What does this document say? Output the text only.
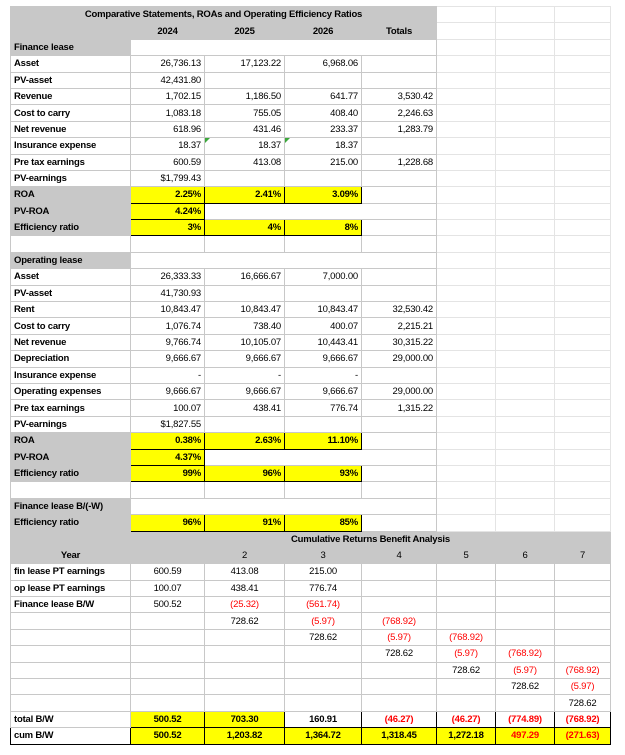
Comparative Statements, ROAs and Operating Efficiency Ratios							
	2024	2025	2026	Totals			
Finance lease							
Asset	26,736.13	17,123.22	6,968.06				
PV-asset	42,431.80						
Revenue	1,702.15	1,186.50	641.77	3,530.42			
Cost to carry	1,083.18	755.05	408.40	2,246.63			
Net revenue	618.96	431.46	233.37	1,283.79			
Insurance expense	18.37	18.37	18.37				
Pre tax earnings	600.59	413.08	215.00	1,228.68			
PV-earnings	$1,799.43						
ROA	2.25%	2.41%	3.09%				
PV-ROA	4.24%						
Efficiency ratio	3%	4%	8%				

Operating lease							
Asset	26,333.33	16,666.67	7,000.00				
PV-asset	41,730.93						
Rent	10,843.47	10,843.47	10,843.47	32,530.42			
Cost to carry	1,076.74	738.40	400.07	2,215.21			
Net revenue	9,766.74	10,105.07	10,443.41	30,315.22			
Depreciation	9,666.67	9,666.67	9,666.67	29,000.00			
Insurance expense	-	-	-				
Operating expenses	9,666.67	9,666.67	9,666.67	29,000.00			
Pre tax earnings	100.07	438.41	776.74	1,315.22			
PV-earnings	$1,827.55						
ROA	0.38%	2.63%	11.10%				
PV-ROA	4.37%						
Efficiency ratio	99%	96%	93%				

Finance lease B/(-W)							
Efficiency ratio	96%	91%	85%				
	Cumulative Returns Benefit Analysis						
Year		2	3	4	5	6	7
fin lease PT earnings	600.59	413.08	215.00				
op lease PT earnings	100.07	438.41	776.74				
Finance lease B/W	500.52	(25.32)	(561.74)				
		728.62	(5.97)	(768.92)			
			728.62	(5.97)	(768.92)		
				728.62	(5.97)	(768.92)	
					728.62	(5.97)	(768.92)
						728.62	(5.97)
							728.62
total B/W	500.52	703.30	160.91	(46.27)	(46.27)	(774.89)	(768.92)
cum B/W	500.52	1,203.82	1,364.72	1,318.45	1,272.18	497.29	(271.63)
